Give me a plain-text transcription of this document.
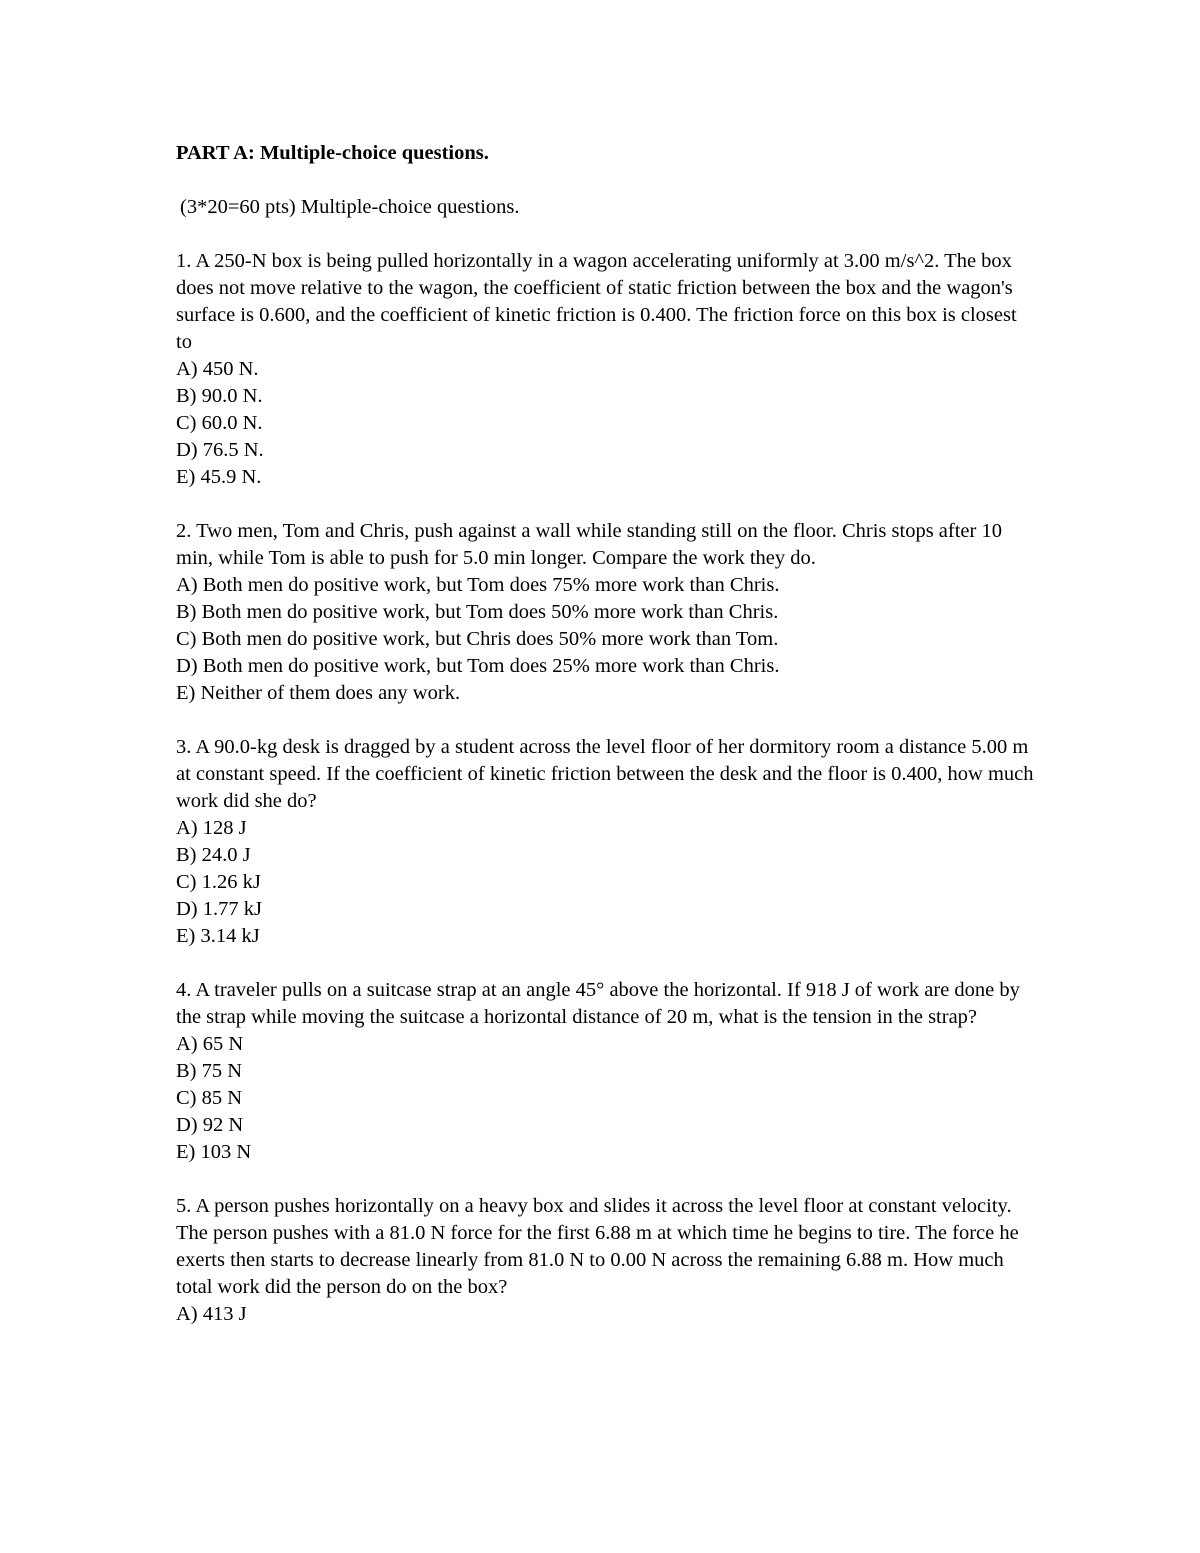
PART A: Multiple-choice questions.

(3*20=60 pts) Multiple-choice questions.

1. A 250-N box is being pulled horizontally in a wagon accelerating uniformly at 3.00 m/s^2. The box does not move relative to the wagon, the coefficient of static friction between the box and the wagon's surface is 0.600, and the coefficient of kinetic friction is 0.400. The friction force on this box is closest to

A) 450 N.
B) 90.0 N.
C) 60.0 N.
D) 76.5 N.
E) 45.9 N.

2. Two men, Tom and Chris, push against a wall while standing still on the floor. Chris stops after 10 min, while Tom is able to push for 5.0 min longer. Compare the work they do.

A) Both men do positive work, but Tom does 75% more work than Chris.
B) Both men do positive work, but Tom does 50% more work than Chris.
C) Both men do positive work, but Chris does 50% more work than Tom.
D) Both men do positive work, but Tom does 25% more work than Chris.
E) Neither of them does any work.

3. A 90.0-kg desk is dragged by a student across the level floor of her dormitory room a distance 5.00 m at constant speed. If the coefficient of kinetic friction between the desk and the floor is 0.400, how much work did she do?

A) 128 J
B) 24.0 J
C) 1.26 kJ
D) 1.77 kJ
E) 3.14 kJ

4. A traveler pulls on a suitcase strap at an angle 45° above the horizontal. If 918 J of work are done by the strap while moving the suitcase a horizontal distance of 20 m, what is the tension in the strap?

A) 65 N
B) 75 N
C) 85 N
D) 92 N
E) 103 N

5. A person pushes horizontally on a heavy box and slides it across the level floor at constant velocity. The person pushes with a 81.0 N force for the first 6.88 m at which time he begins to tire. The force he exerts then starts to decrease linearly from 81.0 N to 0.00 N across the remaining 6.88 m. How much total work did the person do on the box?

A) 413 J
